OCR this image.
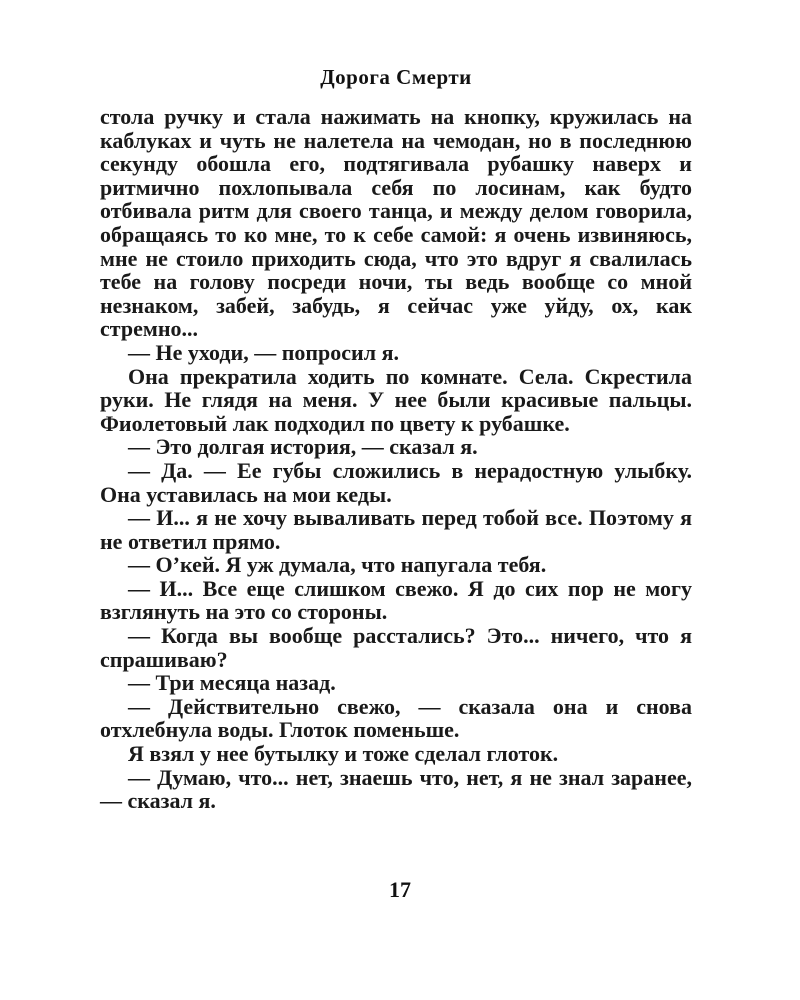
Дорога Смерти

стола ручку и стала нажимать на кнопку, кружилась на каблуках и чуть не налетела на чемодан, но в последнюю секунду обошла его, подтягивала рубашку наверх и ритмично похлопывала себя по лосинам, как будто отбивала ритм для своего танца, и между делом говорила, обращаясь то ко мне, то к себе самой: я очень извиняюсь, мне не стоило приходить сюда, что это вдруг я свалилась тебе на голову посреди ночи, ты ведь вообще со мной незнаком, забей, забудь, я сейчас уже уйду, ох, как стремно...

— Не уходи, — попросил я.

Она прекратила ходить по комнате. Села. Скрестила руки. Не глядя на меня. У нее были красивые пальцы. Фиолетовый лак подходил по цвету к рубашке.

— Это долгая история, — сказал я.

— Да. — Ее губы сложились в нерадостную улыбку. Она уставилась на мои кеды.

— И... я не хочу вываливать перед тобой все. Поэтому я не ответил прямо.

— О’кей. Я уж думала, что напугала тебя.

— И... Все еще слишком свежо. Я до сих пор не могу взглянуть на это со стороны.

— Когда вы вообще расстались? Это... ничего, что я спрашиваю?

— Три месяца назад.

— Действительно свежо, — сказала она и снова отхлебнула воды. Глоток поменьше.

Я взял у нее бутылку и тоже сделал глоток.

— Думаю, что... нет, знаешь что, нет, я не знал заранее, — сказал я.

17
